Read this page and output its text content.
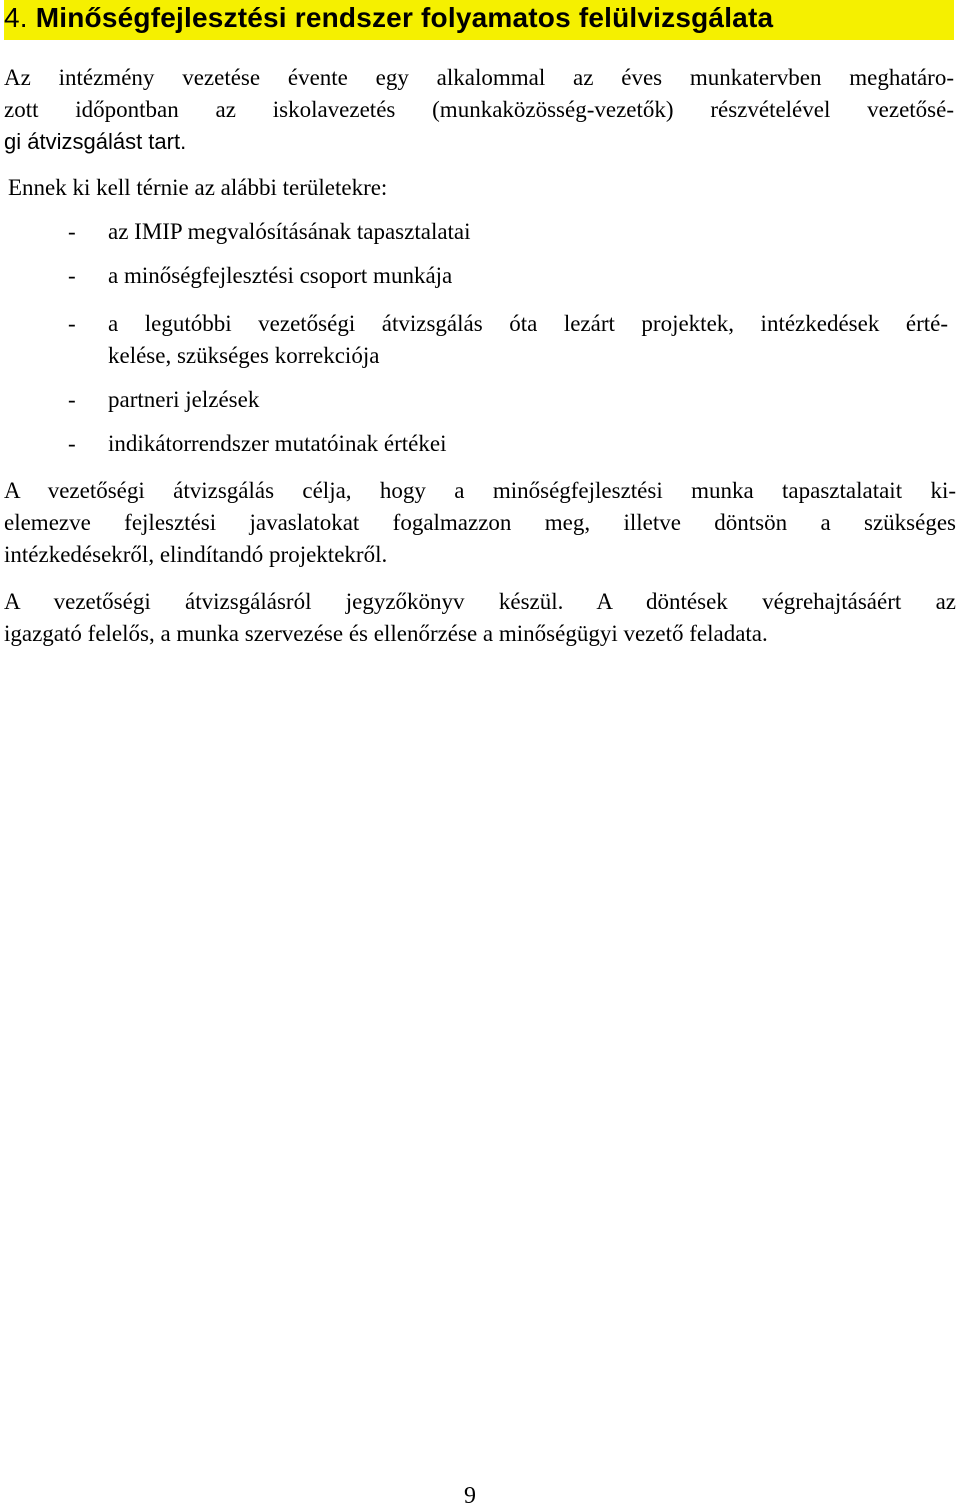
4. Minőségfejlesztési rendszer folyamatos felülvizsgálata
Az intézmény vezetése évente egy alkalommal az éves munkatervben meghatáro-
zott időpontban az iskolavezetés (munkaközösség-vezetők) részvételével vezetősé-
gi átvizsgálást tart.
Ennek ki kell térnie az alábbi területekre:
- az IMIP megvalósításának tapasztalatai
- a minőségfejlesztési csoport munkája
- a legutóbbi vezetőségi átvizsgálás óta lezárt projektek, intézkedések érté-
kelése, szükséges korrekciója
- partneri jelzések
- indikátorrendszer mutatóinak értékei
A vezetőségi átvizsgálás célja, hogy a minőségfejlesztési munka tapasztalatait ki-
elemezve fejlesztési javaslatokat fogalmazzon meg, illetve döntsön a szükséges
intézkedésekről, elindítandó projektekről.
A vezetőségi átvizsgálásról jegyzőkönyv készül. A döntések végrehajtásáért az
igazgató felelős, a munka szervezése és ellenőrzése a minőségügyi vezető feladata.
9
